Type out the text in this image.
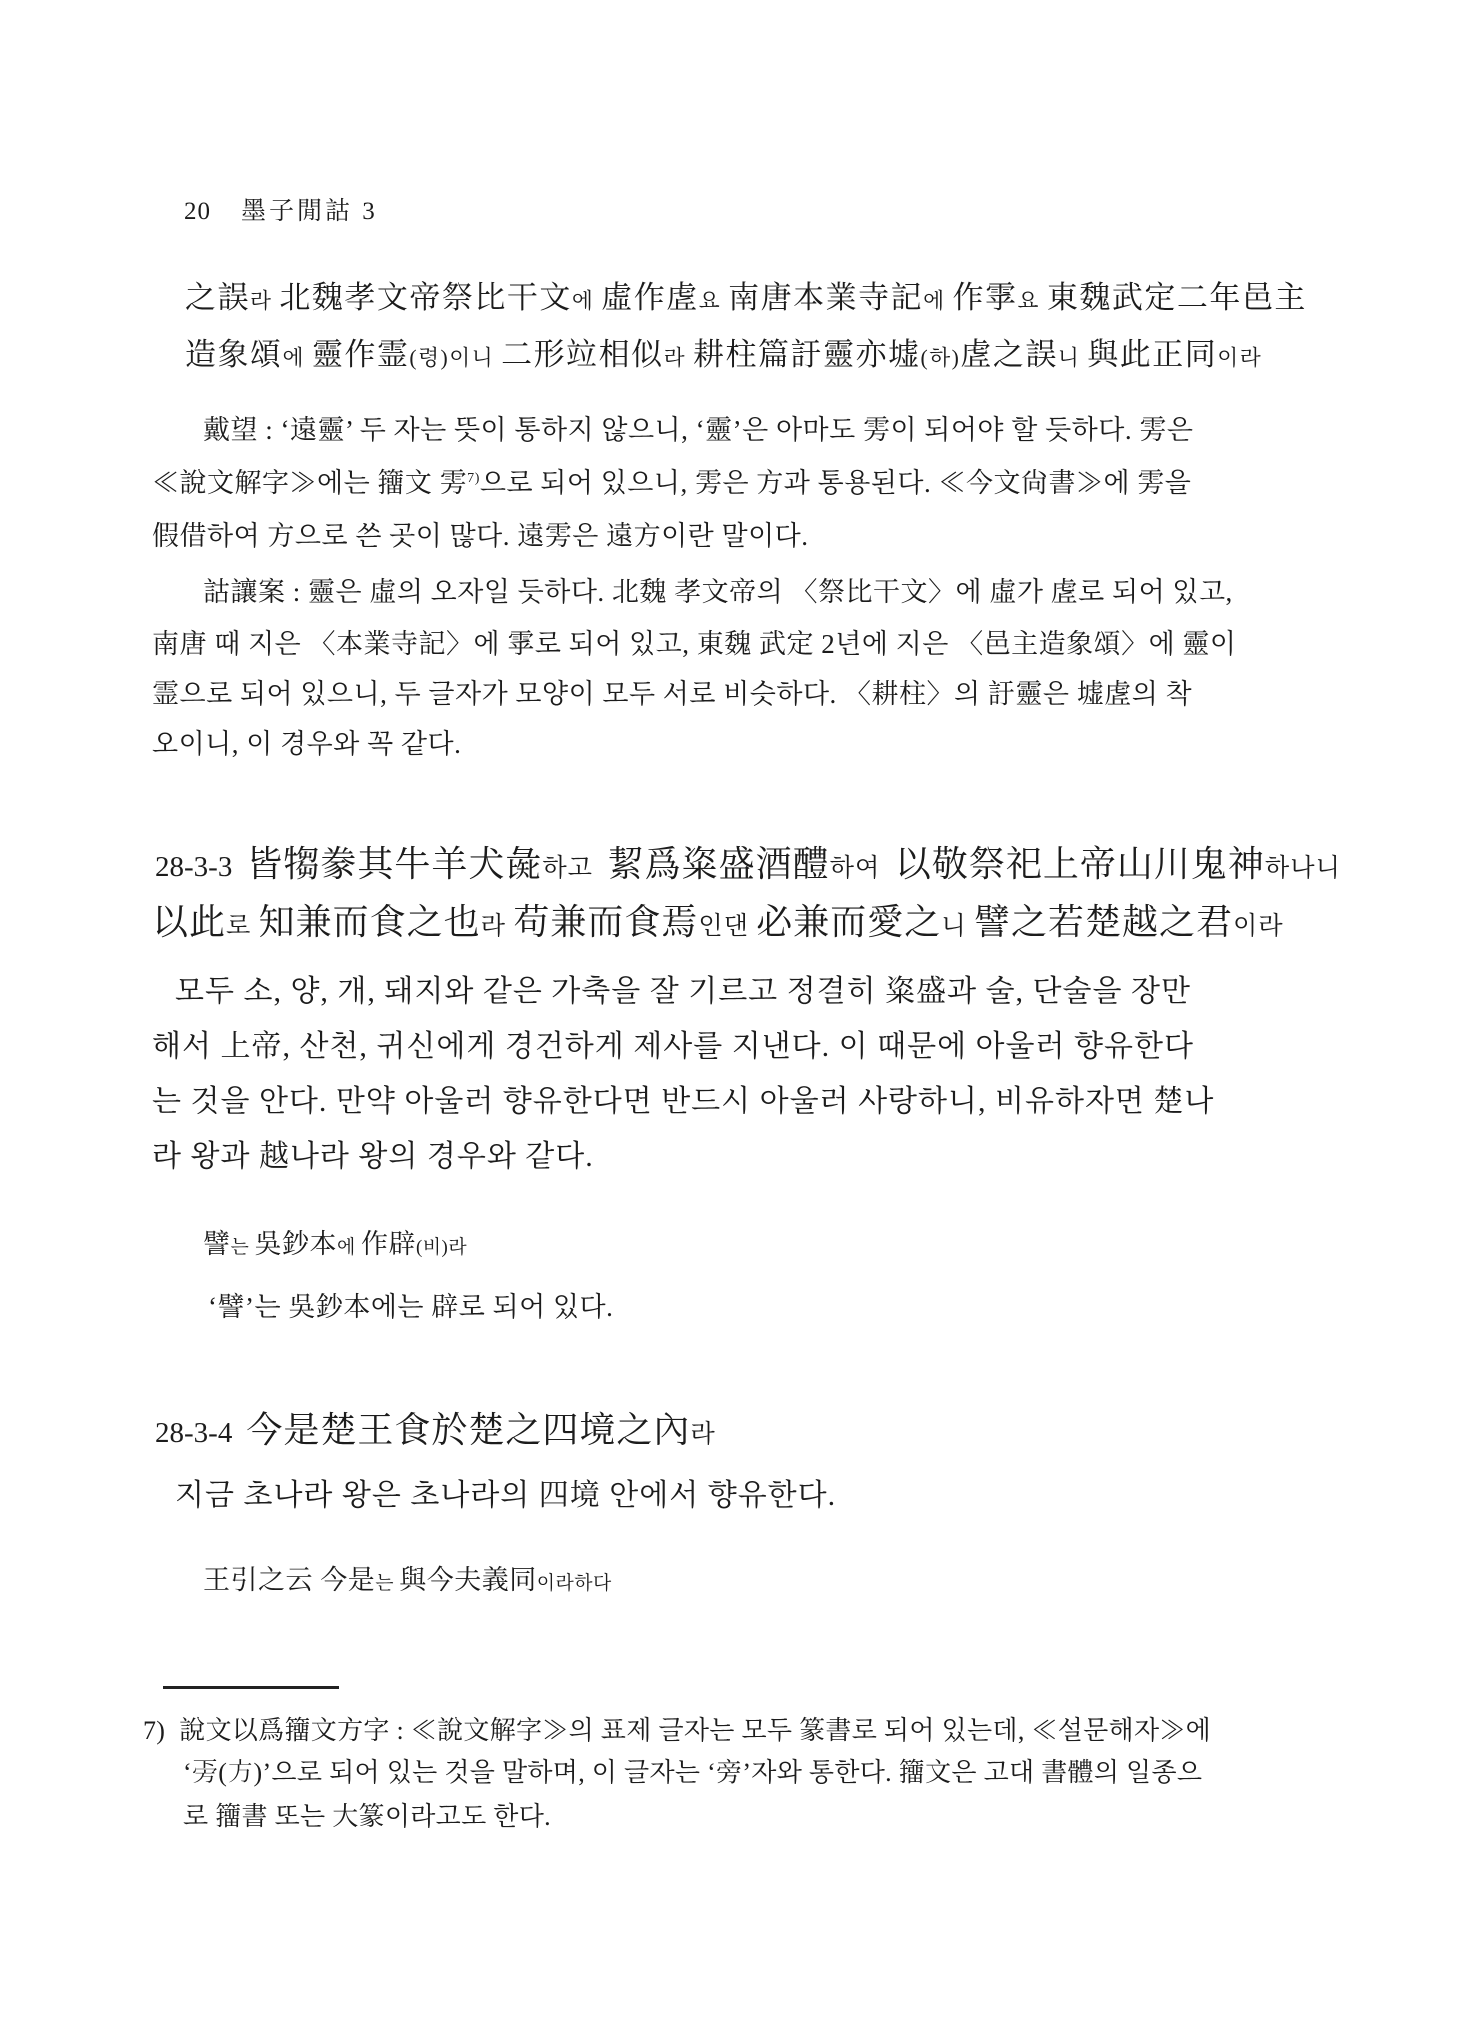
20 墨子閒詁 3

之誤라 北魏孝文帝祭比干文에 虛作虗요 南唐本業寺記에 作雽요 東魏武定二年邑主
造象頌에 靈作霊(령)이니 二形竝相似라 耕柱篇訏靈亦墟(하)虗之誤니 與此正同이라
戴望 : ‘遠靈’ 두 자는 뜻이 통하지 않으니, ‘靈’은 아마도 雱이 되어야 할 듯하다. 雱은
≪說文解字≫에는 籒文 雱$^{7)}$으로 되어 있으니, 雱은 方과 통용된다. ≪今文尙書≫에 雱을
假借하여 方으로 쓴 곳이 많다. 遠雱은 遠方이란 말이다.
詁讓案 : 靈은 虛의 오자일 듯하다. 北魏 孝文帝의 〈祭比干文〉에 虛가 虗로 되어 있고,
南唐 때 지은 〈本業寺記〉에 雽로 되어 있고, 東魏 武定 2년에 지은 〈邑主造象頌〉에 靈이
霊으로 되어 있으니, 두 글자가 모양이 모두 서로 비슷하다. 〈耕柱〉의 訏靈은 墟虗의 착
오이니, 이 경우와 꼭 같다.
28-3-3 皆犓豢其牛羊犬彘하고  絜爲粢盛酒醴하여  以敬祭祀上帝山川鬼神하나니
以此로 知兼而食之也라 苟兼而食焉인댄 必兼而愛之니 譬之若楚越之君이라
모두 소, 양, 개, 돼지와 같은 가축을 잘 기르고 정결히 粢盛과 술, 단술을 장만
해서 上帝, 산천, 귀신에게 경건하게 제사를 지낸다. 이 때문에 아울러 향유한다
는 것을 안다. 만약 아울러 향유한다면 반드시 아울러 사랑하니, 비유하자면 楚나
라 왕과 越나라 왕의 경우와 같다.
譬는 吳鈔本에 作辟(비)라
‘譬’는 吳鈔本에는 辟로 되어 있다.
28-3-4 今是楚王食於楚之四境之內라
지금 초나라 왕은 초나라의 四境 안에서 향유한다.
王引之云 今是는 與今夫義同이라하다
7) 說文以爲籒文方字 : ≪說文解字≫의 표제 글자는 모두 篆書로 되어 있는데, ≪설문해자≫에
‘𣃟(方)’으로 되어 있는 것을 말하며, 이 글자는 ‘旁’자와 통한다. 籒文은 고대 書體의 일종으
로 籒書 또는 大篆이라고도 한다.
